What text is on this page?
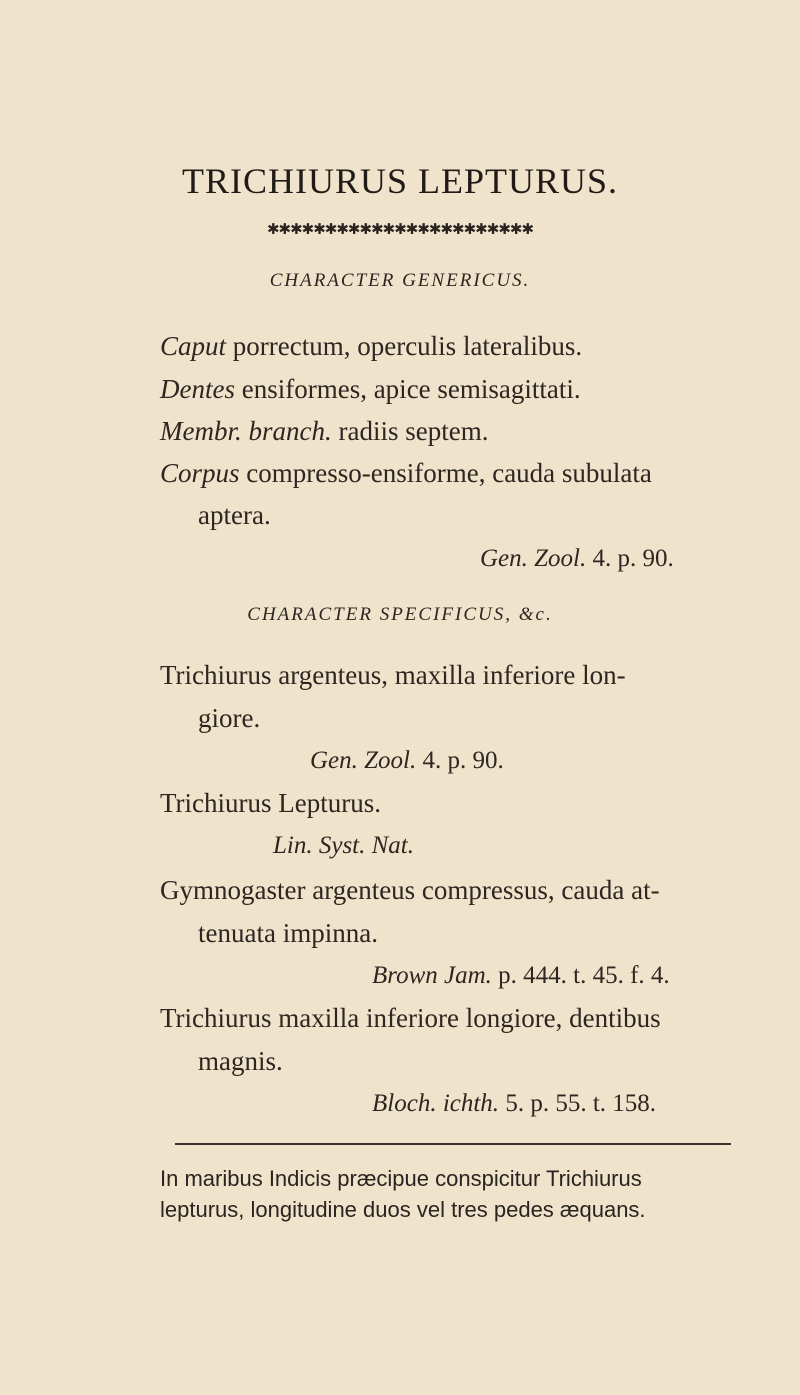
TRICHIURUS LEPTURUS.
✱✱✱✱✱✱✱✱✱✱✱✱✱✱✱✱✱✱✱✱✱✱✱
CHARACTER GENERICUS.
Caput porrectum, operculis lateralibus.
Dentes ensiformes, apice semisagittati.
Membr. branch. radiis septem.
Corpus compresso-ensiforme, cauda subulata
aptera.
Gen. Zool. 4. p. 90.
CHARACTER SPECIFICUS, &c.
Trichiurus argenteus, maxilla inferiore lon-
giore.
Gen. Zool. 4. p. 90.
Trichiurus Lepturus.
Lin. Syst. Nat.
Gymnogaster argenteus compressus, cauda at-
tenuata impinna.
Brown Jam. p. 444. t. 45. f. 4.
Trichiurus maxilla inferiore longiore, dentibus
magnis.
Bloch. ichth. 5. p. 55. t. 158.
In maribus Indicis præcipue conspicitur Trichiurus
lepturus, longitudine duos vel tres pedes æquans.
